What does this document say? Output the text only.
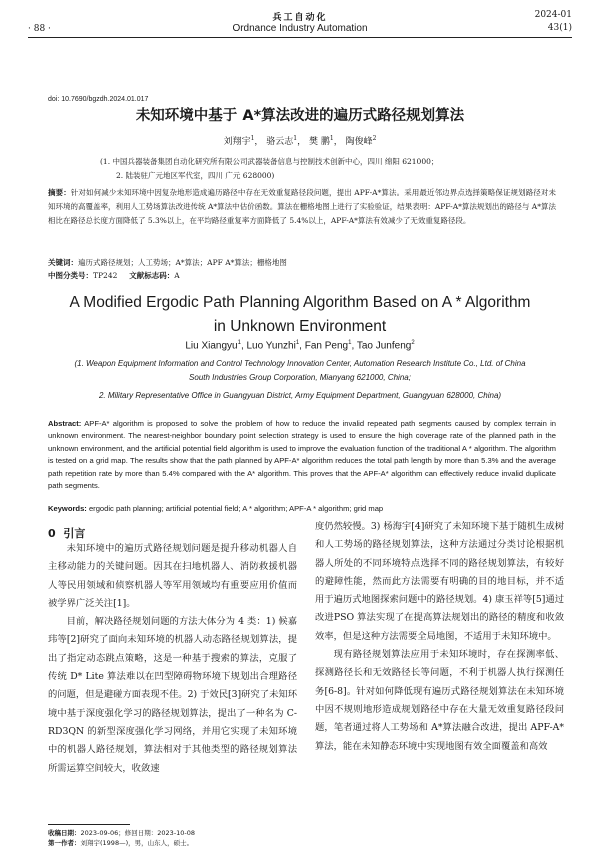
兵工自动化	2024-01
· 88 ·	Ordnance Industry Automation	43(1)
doi: 10.7690/bgzdh.2024.01.017
未知环境中基于 A*算法改进的遍历式路径规划算法
刘翔宇$^1$， 骆云志$^1$， 樊 鹏$^1$， 陶俊峰$^2$
(1. 中国兵器装备集团自动化研究所有限公司武器装备信息与控制技术创新中心，四川 绵阳 621000；
2. 陆装驻广元地区军代室，四川 广元 628000)
摘要：针对如何减少未知环境中因复杂地形造成遍历路径中存在无效重复路径段问题，提出 APF-A*算法。采用最近邻边界点选择策略保证规划路径对未知环境的高覆盖率，利用人工势场算法改进传统 A*算法中估价函数。算法在栅格地图上进行了实验验证，结果表明：APF-A*算法规划出的路径与 A*算法相比在路径总长度方面降低了 5.3%以上，在平均路径重复率方面降低了 5.4%以上，APF-A*算法有效减少了无效重复路径段。
关键词：遍历式路径规划；人工势场；A*算法；APF A*算法；栅格地图
中图分类号：TP242 文献标志码：A
A Modified Ergodic Path Planning Algorithm Based on A * Algorithm
in Unknown Environment
Liu Xiangyu$^1$, Luo Yunzhi$^1$, Fan Peng$^1$, Tao Junfeng$^2$
(1. Weapon Equipment Information and Control Technology Innovation Center, Automation Research Institute Co., Ltd. of China
South Industries Group Corporation, Mianyang 621000, China;
2. Military Representative Office in Guangyuan District, Army Equipment Department, Guangyuan 628000, China)
Abstract: APF-A* algorithm is proposed to solve the problem of how to reduce the invalid repeated path segments caused by complex terrain in unknown environment. The nearest-neighbor boundary point selection strategy is used to ensure the high coverage rate of the planned path in the unknown environment, and the artificial potential field algorithm is used to improve the evaluation function of the traditional A * algorithm. The algorithm is tested on a grid map. The results show that the path planned by APF-A* algorithm reduces the total path length by more than 5.3% and the average path repetition rate by more than 5.4% compared with the A* algorithm. This proves that the APF-A* algorithm can effectively reduce invalid duplicate path segments.
Keywords: ergodic path planning; artificial potential field; A * algorithm; APF-A * algorithm; grid map
0 引言

未知环境中的遍历式路径规划问题是提升移动机器人自主移动能力的关键问题。因其在扫地机器人、消防救援机器人等民用领域和侦察机器人等军用领域均有重要应用价值而被学界广泛关注[1]。

目前，解决路径规划问题的方法大体分为 4 类：1) 候嘉玮等[2]研究了面向未知环境的机器人动态路径规划算法，提出了指定动态跳点策略，这是一种基于搜索的算法，克服了传统 D* Lite 算法难以在凹型障碍物环境下规划出合理路径的问题，但是避碰方面表现不佳。2) 于效民[3]研究了未知环境中基于深度强化学习的路径规划算法，提出了一种名为 C-RD3QN 的新型深度强化学习网络，并用它实现了未知环境中的机器人路径规划，算法相对于其他类型的路径规划算法所需运算空间较大，收敛速

度仍然较慢。3) 杨海宇[4]研究了未知环境下基于随机生成树和人工势场的路径规划算法，这种方法通过分类讨论根据机器人所处的不同环境特点选择不同的路径规划算法，有较好的避障性能，然而此方法需要有明确的目的地目标，并不适用于遍历式地图探索问题中的路径规划。4) 康玉祥等[5]通过改进PSO 算法实现了在提高算法规划出的路径的精度和收敛效率，但是这种方法需要全局地图，不适用于未知环境中。

现有路径规划算法应用于未知环境时，存在探测率低、探测路径长和无效路径长等问题，不利于机器人执行探测任务[6-8]。针对如何降低现有遍历式路径规划算法在未知环境中因不规则地形造成规划路径中存在大量无效重复路径段问题，笔者通过将人工势场和 A*算法融合改进，提出 APF-A*算法，能在未知静态环境中实现地图有效全面覆盖和高效

收稿日期：2023-09-06；修回日期：2023-10-08
第一作者：刘翔宇(1998—)，男，山东人，硕士。
